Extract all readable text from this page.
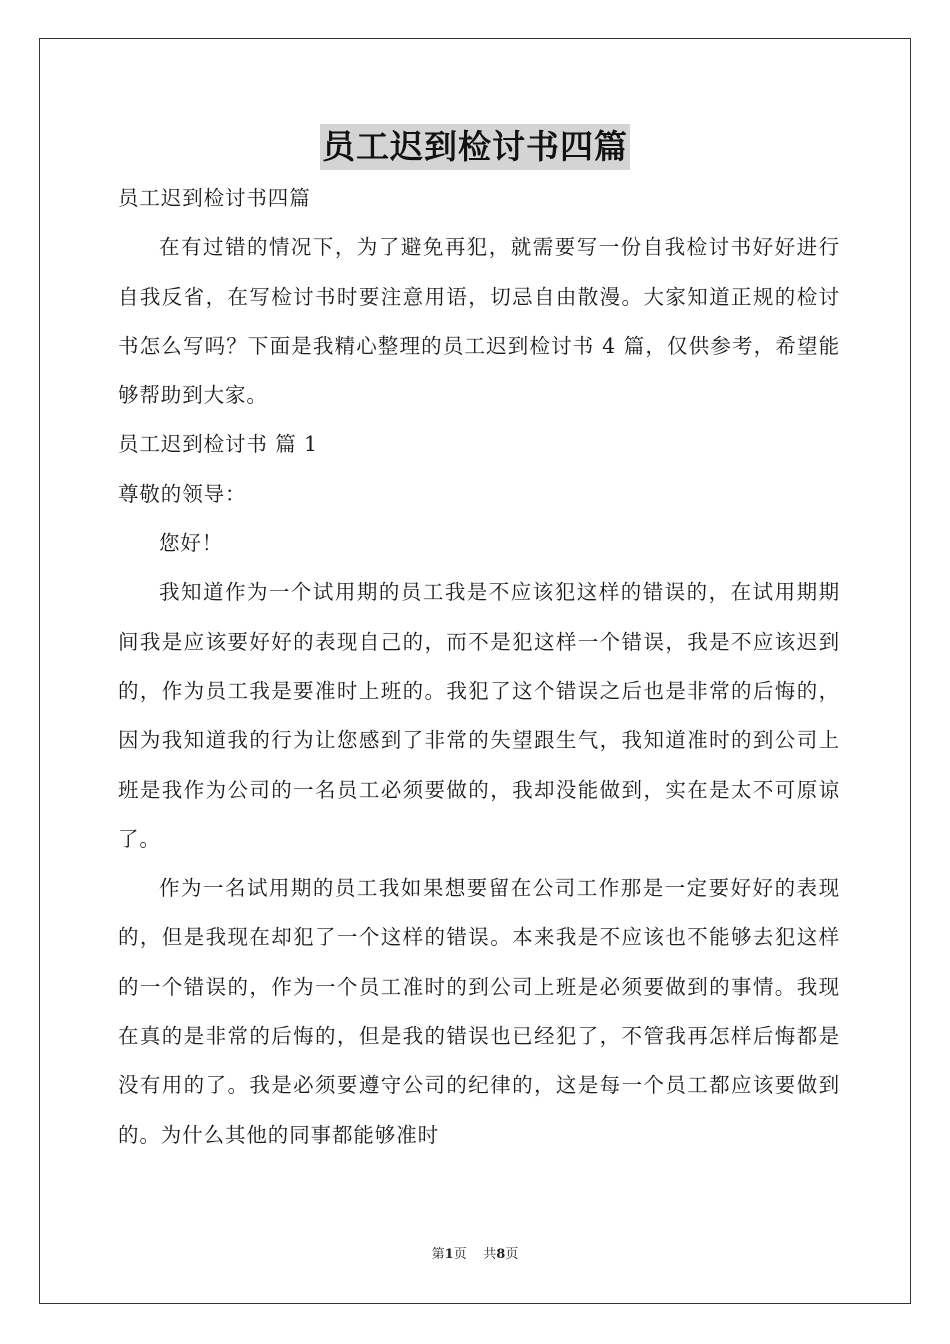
员工迟到检讨书四篇

员工迟到检讨书四篇

在有过错的情况下，为了避免再犯，就需要写一份自我检讨书好好进行自我反省，在写检讨书时要注意用语，切忌自由散漫。大家知道正规的检讨书怎么写吗？下面是我精心整理的员工迟到检讨书 4 篇，仅供参考，希望能够帮助到大家。

员工迟到检讨书 篇 1

尊敬的领导：

您好！

我知道作为一个试用期的员工我是不应该犯这样的错误的，在试用期期间我是应该要好好的表现自己的，而不是犯这样一个错误，我是不应该迟到的，作为员工我是要准时上班的。我犯了这个错误之后也是非常的后悔的，因为我知道我的行为让您感到了非常的失望跟生气，我知道准时的到公司上班是我作为公司的一名员工必须要做的，我却没能做到，实在是太不可原谅了。

作为一名试用期的员工我如果想要留在公司工作那是一定要好好的表现的，但是我现在却犯了一个这样的错误。本来我是不应该也不能够去犯这样的一个错误的，作为一个员工准时的到公司上班是必须要做到的事情。我现在真的是非常的后悔的，但是我的错误也已经犯了，不管我再怎样后悔都是没有用的了。我是必须要遵守公司的纪律的，这是每一个员工都应该要做到的。为什么其他的同事都能够准时

第1页 共8页
